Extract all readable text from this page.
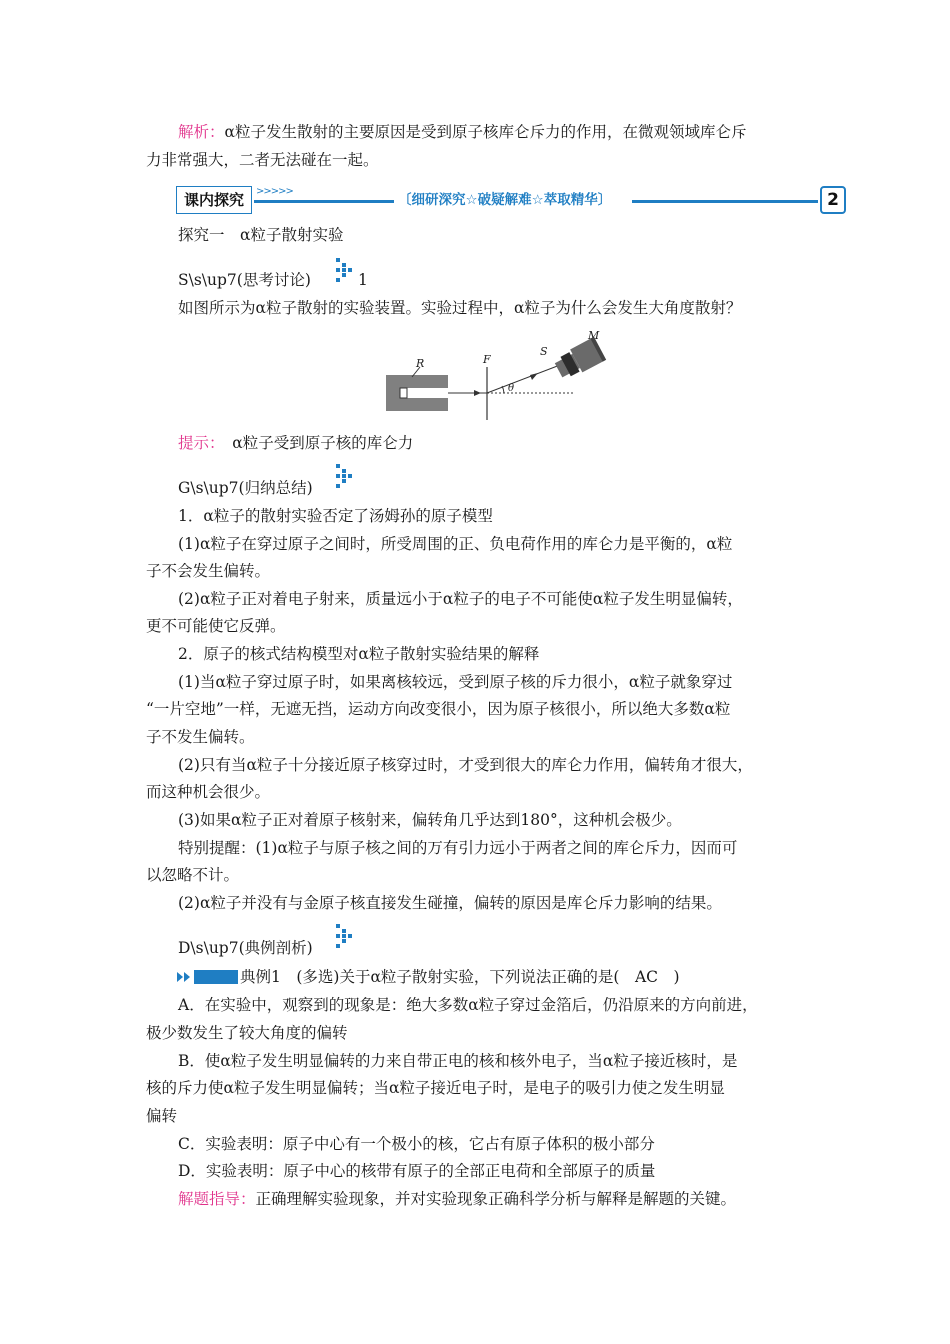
解析：α粒子发生散射的主要原因是受到原子核库仑斥力的作用，在微观领域库仑斥
力非常强大，二者无法碰在一起。
课内探究	>>>>>
〔细研深究☆破疑解难☆萃取精华〕	2
探究一　α粒子散射实验
S\s\up7(思考讨论)	1
如图所示为α粒子散射的实验装置。实验过程中，α粒子为什么会发生大角度散射？
R	F
S
M
θ
提示：　 α粒子受到原子核的库仑力
G\s\up7(归纳总结)
1．α粒子的散射实验否定了汤姆孙的原子模型
(1)α粒子在穿过原子之间时，所受周围的正、负电荷作用的库仑力是平衡的，α粒
子不会发生偏转。
(2)α粒子正对着电子射来，质量远小于α粒子的电子不可能使α粒子发生明显偏转，
更不可能使它反弹。
2．原子的核式结构模型对α粒子散射实验结果的解释
(1)当α粒子穿过原子时，如果离核较远，受到原子核的斥力很小，α粒子就象穿过
“一片空地”一样，无遮无挡，运动方向改变很小，因为原子核很小，所以绝大多数α粒
子不发生偏转。
(2)只有当α粒子十分接近原子核穿过时，才受到很大的库仑力作用，偏转角才很大，
而这种机会很少。
(3)如果α粒子正对着原子核射来，偏转角几乎达到180°，这种机会极少。
特别提醒：(1)α粒子与原子核之间的万有引力远小于两者之间的库仑斥力，因而可
以忽略不计。
(2)α粒子并没有与金原子核直接发生碰撞，偏转的原因是库仑斥力影响的结果。
D\s\up7(典例剖析)
典例1　(多选)关于α粒子散射实验，下列说法正确的是(　AC　)
A．在实验中，观察到的现象是：绝大多数α粒子穿过金箔后，仍沿原来的方向前进，
极少数发生了较大角度的偏转
B．使α粒子发生明显偏转的力来自带正电的核和核外电子，当α粒子接近核时，是
核的斥力使α粒子发生明显偏转；当α粒子接近电子时，是电子的吸引力使之发生明显
偏转
C．实验表明：原子中心有一个极小的核，它占有原子体积的极小部分
D．实验表明：原子中心的核带有原子的全部正电荷和全部原子的质量
解题指导：正确理解实验现象，并对实验现象正确科学分析与解释是解题的关键。
